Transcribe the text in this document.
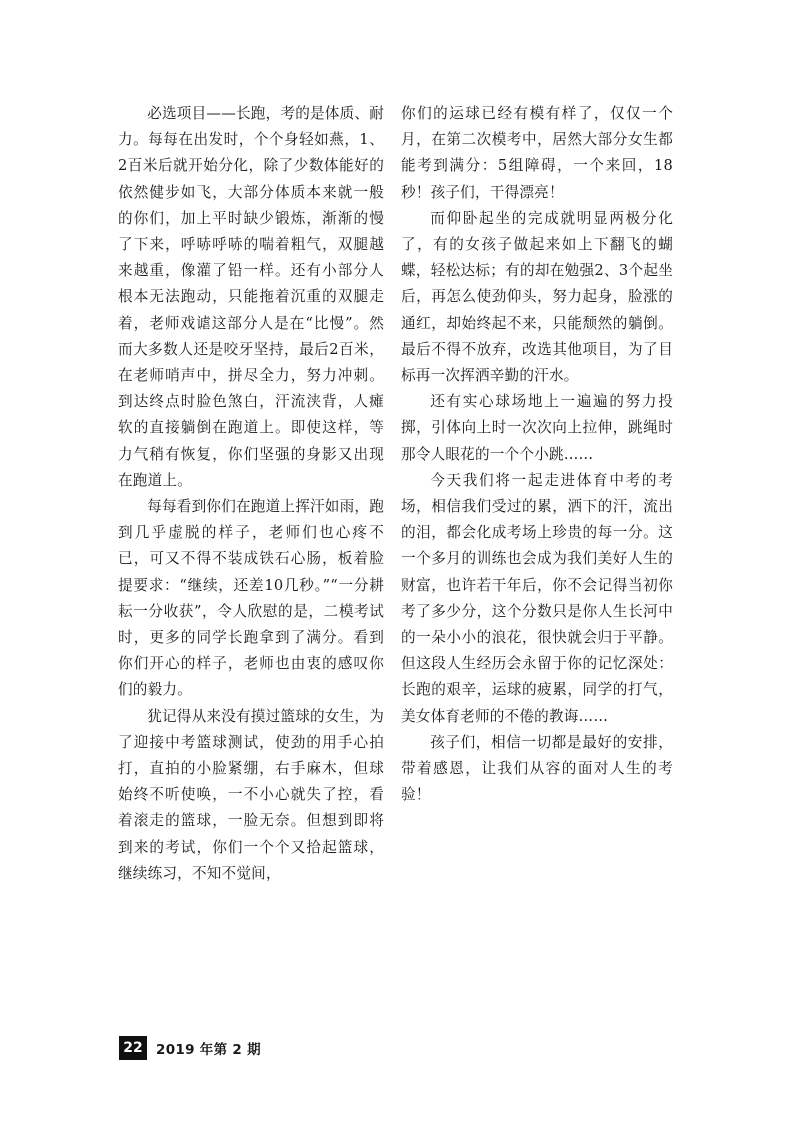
必选项目——长跑，考的是体质、耐力。每每在出发时，个个身轻如燕，1、2百米后就开始分化，除了少数体能好的依然健步如飞，大部分体质本来就一般的你们，加上平时缺少锻炼，渐渐的慢了下来，呼哧呼哧的喘着粗气，双腿越来越重，像灌了铅一样。还有小部分人根本无法跑动，只能拖着沉重的双腿走着，老师戏谑这部分人是在“比慢”。然而大多数人还是咬牙坚持，最后2百米，在老师哨声中，拼尽全力，努力冲刺。到达终点时脸色煞白，汗流浃背，人瘫软的直接躺倒在跑道上。即使这样，等力气稍有恢复，你们坚强的身影又出现在跑道上。

每每看到你们在跑道上挥汗如雨，跑到几乎虚脱的样子，老师们也心疼不已，可又不得不装成铁石心肠，板着脸提要求：“继续，还差10几秒。”“一分耕耘一分收获”，令人欣慰的是，二模考试时，更多的同学长跑拿到了满分。看到你们开心的样子，老师也由衷的感叹你们的毅力。

犹记得从来没有摸过篮球的女生，为了迎接中考篮球测试，使劲的用手心拍打，直拍的小脸紧绷，右手麻木，但球始终不听使唤，一不小心就失了控，看着滚走的篮球，一脸无奈。但想到即将到来的考试，你们一个个又拾起篮球，继续练习，不知不觉间，

你们的运球已经有模有样了，仅仅一个月，在第二次模考中，居然大部分女生都能考到满分：5组障碍，一个来回，18秒！孩子们，干得漂亮！

而仰卧起坐的完成就明显两极分化了，有的女孩子做起来如上下翻飞的蝴蝶，轻松达标；有的却在勉强2、3个起坐后，再怎么使劲仰头，努力起身，脸涨的通红，却始终起不来，只能颓然的躺倒。最后不得不放弃，改选其他项目，为了目标再一次挥洒辛勤的汗水。

还有实心球场地上一遍遍的努力投掷，引体向上时一次次向上拉伸，跳绳时那令人眼花的一个个小跳……

今天我们将一起走进体育中考的考场，相信我们受过的累，洒下的汗，流出的泪，都会化成考场上珍贵的每一分。这一个多月的训练也会成为我们美好人生的财富，也许若干年后，你不会记得当初你考了多少分，这个分数只是你人生长河中的一朵小小的浪花，很快就会归于平静。但这段人生经历会永留于你的记忆深处：长跑的艰辛，运球的疲累，同学的打气，美女体育老师的不倦的教诲……

孩子们，相信一切都是最好的安排，带着感恩，让我们从容的面对人生的考验！

22 2019 年第 2 期
